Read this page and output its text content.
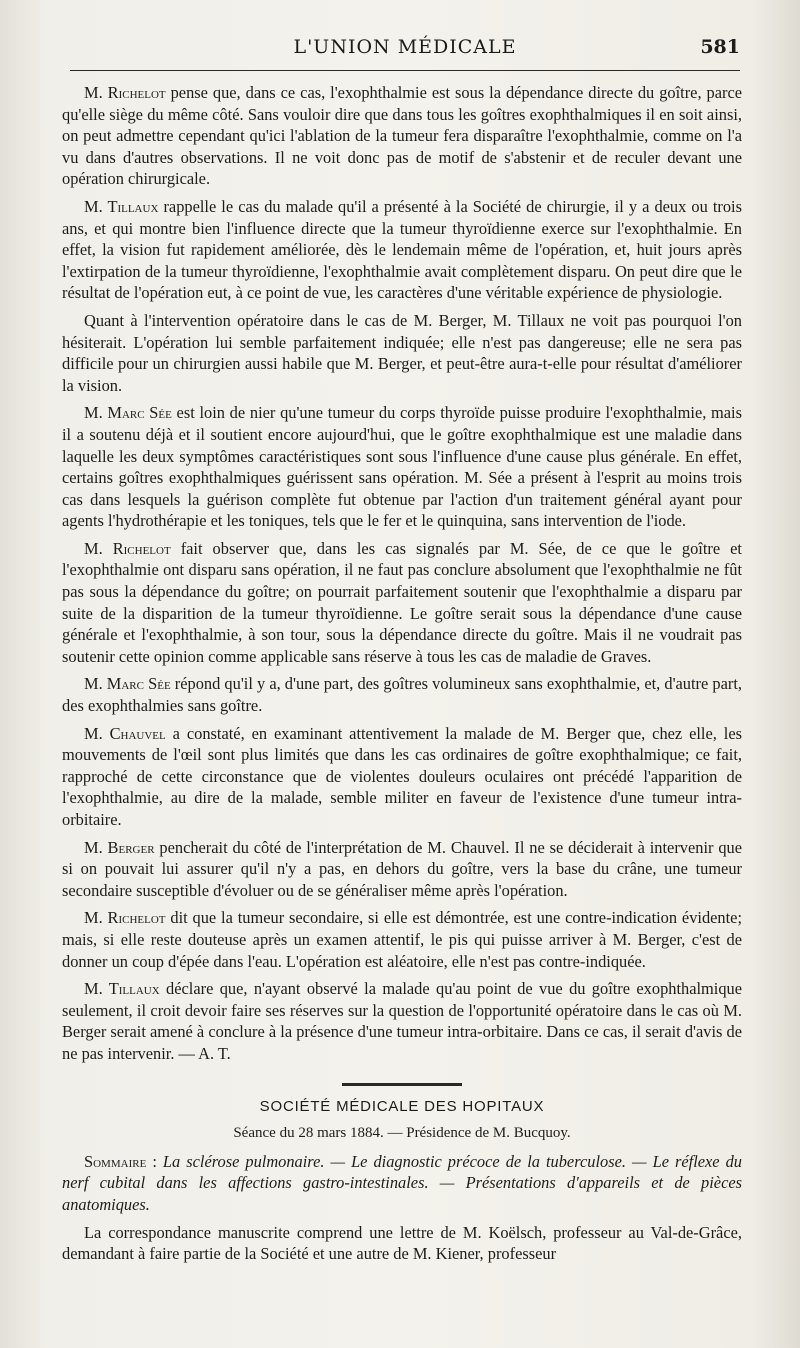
L'UNION MÉDICALE	581

M. Richelot pense que, dans ce cas, l'exophthalmie est sous la dépendance directe du goître, parce qu'elle siège du même côté. Sans vouloir dire que dans tous les goîtres exophthalmiques il en soit ainsi, on peut admettre cependant qu'ici l'ablation de la tumeur fera disparaître l'exophthalmie, comme on l'a vu dans d'autres observations. Il ne voit donc pas de motif de s'abstenir et de reculer devant une opération chirurgicale.

M. Tillaux rappelle le cas du malade qu'il a présenté à la Société de chirurgie, il y a deux ou trois ans, et qui montre bien l'influence directe que la tumeur thyroïdienne exerce sur l'exophthalmie. En effet, la vision fut rapidement améliorée, dès le lendemain même de l'opération, et, huit jours après l'extirpation de la tumeur thyroïdienne, l'exophthalmie avait complètement disparu. On peut dire que le résultat de l'opération eut, à ce point de vue, les caractères d'une véritable expérience de physiologie.

Quant à l'intervention opératoire dans le cas de M. Berger, M. Tillaux ne voit pas pourquoi l'on hésiterait. L'opération lui semble parfaitement indiquée; elle n'est pas dangereuse; elle ne sera pas difficile pour un chirurgien aussi habile que M. Berger, et peut-être aura-t-elle pour résultat d'améliorer la vision.

M. Marc Sée est loin de nier qu'une tumeur du corps thyroïde puisse produire l'exophthalmie, mais il a soutenu déjà et il soutient encore aujourd'hui, que le goître exophthalmique est une maladie dans laquelle les deux symptômes caractéristiques sont sous l'influence d'une cause plus générale. En effet, certains goîtres exophthalmiques guérissent sans opération. M. Sée a présent à l'esprit au moins trois cas dans lesquels la guérison complète fut obtenue par l'action d'un traitement général ayant pour agents l'hydrothérapie et les toniques, tels que le fer et le quinquina, sans intervention de l'iode.

M. Richelot fait observer que, dans les cas signalés par M. Sée, de ce que le goître et l'exophthalmie ont disparu sans opération, il ne faut pas conclure absolument que l'exophthalmie ne fût pas sous la dépendance du goître; on pourrait parfaitement soutenir que l'exophthalmie a disparu par suite de la disparition de la tumeur thyroïdienne. Le goître serait sous la dépendance d'une cause générale et l'exophthalmie, à son tour, sous la dépendance directe du goître. Mais il ne voudrait pas soutenir cette opinion comme applicable sans réserve à tous les cas de maladie de Graves.

M. Marc Sée répond qu'il y a, d'une part, des goîtres volumineux sans exophthalmie, et, d'autre part, des exophthalmies sans goître.

M. Chauvel a constaté, en examinant attentivement la malade de M. Berger que, chez elle, les mouvements de l'œil sont plus limités que dans les cas ordinaires de goître exophthalmique; ce fait, rapproché de cette circonstance que de violentes douleurs oculaires ont précédé l'apparition de l'exophthalmie, au dire de la malade, semble militer en faveur de l'existence d'une tumeur intra-orbitaire.

M. Berger pencherait du côté de l'interprétation de M. Chauvel. Il ne se déciderait à intervenir que si on pouvait lui assurer qu'il n'y a pas, en dehors du goître, vers la base du crâne, une tumeur secondaire susceptible d'évoluer ou de se généraliser même après l'opération.

M. Richelot dit que la tumeur secondaire, si elle est démontrée, est une contre-indication évidente; mais, si elle reste douteuse après un examen attentif, le pis qui puisse arriver à M. Berger, c'est de donner un coup d'épée dans l'eau. L'opération est aléatoire, elle n'est pas contre-indiquée.

M. Tillaux déclare que, n'ayant observé la malade qu'au point de vue du goître exophthalmique seulement, il croit devoir faire ses réserves sur la question de l'opportunité opératoire dans le cas où M. Berger serait amené à conclure à la présence d'une tumeur intra-orbitaire. Dans ce cas, il serait d'avis de ne pas intervenir. — A. T.

SOCIÉTÉ MÉDICALE DES HOPITAUX
Séance du 28 mars 1884. — Présidence de M. Bucquoy.

Sommaire : La sclérose pulmonaire. — Le diagnostic précoce de la tuberculose. — Le réflexe du nerf cubital dans les affections gastro-intestinales. — Présentations d'appareils et de pièces anatomiques.

La correspondance manuscrite comprend une lettre de M. Koëlsch, professeur au Val-de-Grâce, demandant à faire partie de la Société et une autre de M. Kiener, professeur
